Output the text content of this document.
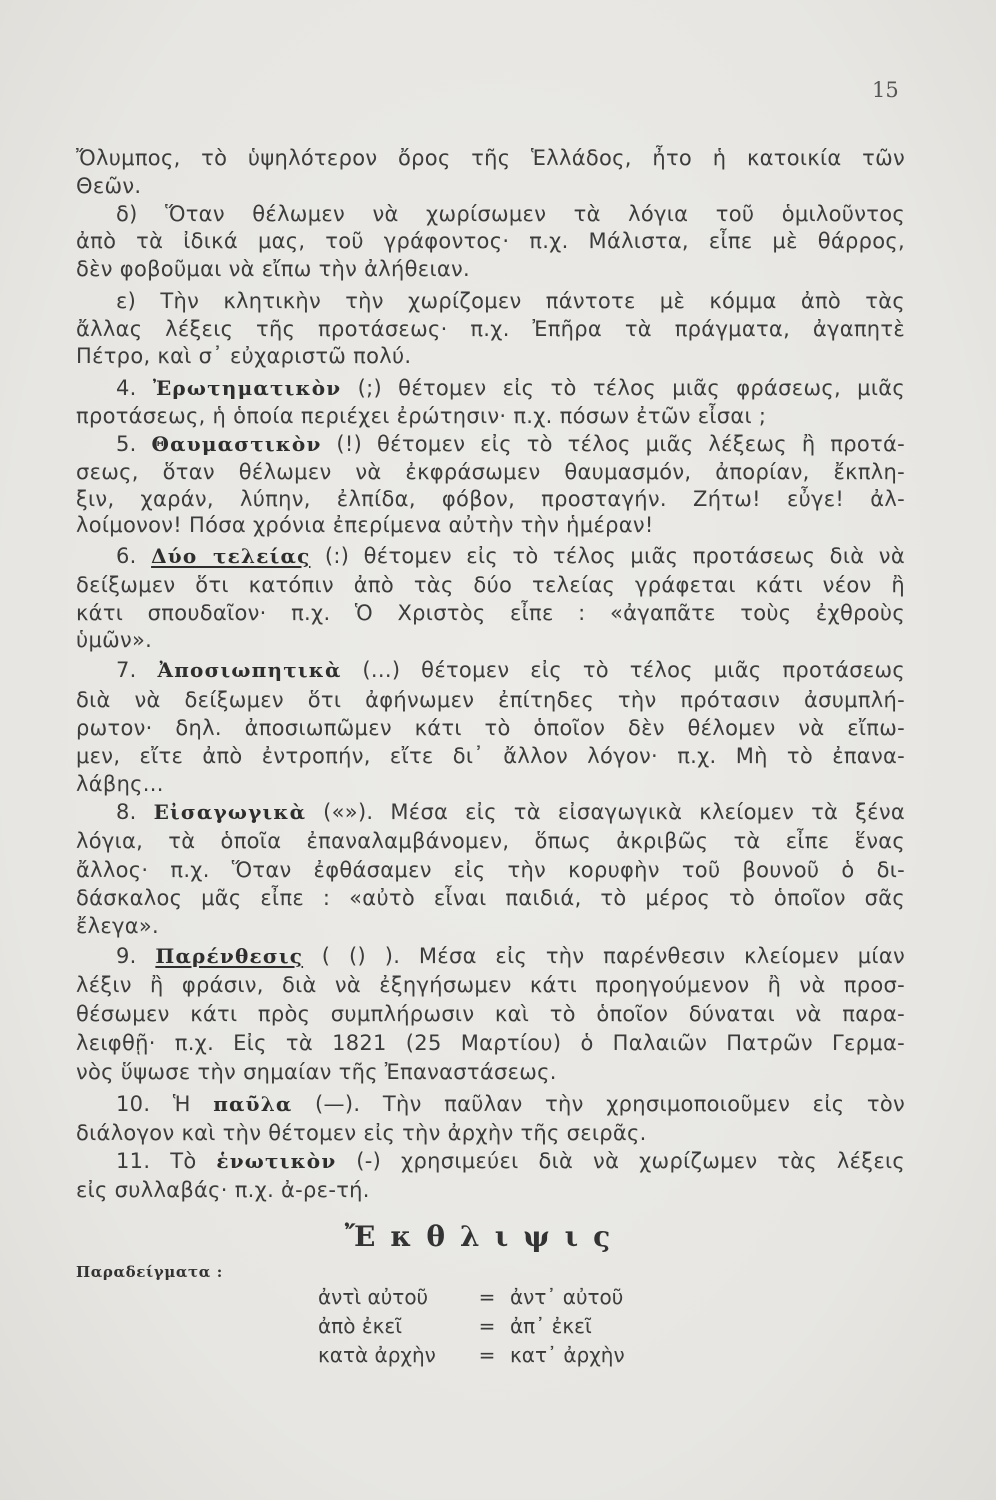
15
Ὄλυμπος, τὸ ὑψηλότερον ὄρος τῆς Ἑλλάδος, ἦτο ἡ κατοικία τῶν
Θεῶν.
δ) Ὅταν θέλωμεν νὰ χωρίσωμεν τὰ λόγια τοῦ ὁμιλοῦντος
ἀπὸ τὰ ἰδικά μας, τοῦ γράφοντος· π.χ. Μάλιστα, εἶπε μὲ θάρρος,
δὲν φοβοῦμαι νὰ εἴπω τὴν ἀλήθειαν.
ε) Τὴν κλητικὴν τὴν χωρίζομεν πάντοτε μὲ κόμμα ἀπὸ τὰς
ἄλλας λέξεις τῆς προτάσεως· π.χ. Ἐπῆρα τὰ πράγματα, ἀγαπητὲ
Πέτρο, καὶ σ᾽ εὐχαριστῶ πολύ.
4. Ἐρωτηματικὸν (;) θέτομεν εἰς τὸ τέλος μιᾶς φράσεως, μιᾶς
προτάσεως, ἡ ὁποία περιέχει ἐρώτησιν· π.χ. πόσων ἐτῶν εἶσαι ;
5. Θαυμαστικὸν (!) θέτομεν εἰς τὸ τέλος μιᾶς λέξεως ἢ προτά-
σεως, ὅταν θέλωμεν νὰ ἐκφράσωμεν θαυμασμόν, ἀπορίαν, ἔκπλη-
ξιν, χαράν, λύπην, ἐλπίδα, φόβον, προσταγήν. Ζήτω! εὖγε! ἀλ-
λοίμονον! Πόσα χρόνια ἐπερίμενα αὐτὴν τὴν ἡμέραν!
6. Δύο τελείας (:) θέτομεν εἰς τὸ τέλος μιᾶς προτάσεως διὰ νὰ
δείξωμεν ὅτι κατόπιν ἀπὸ τὰς δύο τελείας γράφεται κάτι νέον ἢ
κάτι σπουδαῖον· π.χ. Ὁ Χριστὸς εἶπε : «ἀγαπᾶτε τοὺς ἐχθροὺς
ὑμῶν».
7. Ἀποσιωπητικὰ (...) θέτομεν εἰς τὸ τέλος μιᾶς προτάσεως
διὰ νὰ δείξωμεν ὅτι ἀφήνωμεν ἐπίτηδες τὴν πρότασιν ἀσυμπλή-
ρωτον· δηλ. ἀποσιωπῶμεν κάτι τὸ ὁποῖον δὲν θέλομεν νὰ εἴπω-
μεν, εἴτε ἀπὸ ἐντροπήν, εἴτε δι᾽ ἄλλον λόγον· π.χ. Μὴ τὸ ἐπανα-
λάβης...
8. Εἰσαγωγικὰ («»). Μέσα εἰς τὰ εἰσαγωγικὰ κλείομεν τὰ ξένα
λόγια, τὰ ὁποῖα ἐπαναλαμβάνομεν, ὅπως ἀκριβῶς τὰ εἶπε ἕνας
ἄλλος· π.χ. Ὅταν ἐφθάσαμεν εἰς τὴν κορυφὴν τοῦ βουνοῦ ὁ δι-
δάσκαλος μᾶς εἶπε : «αὐτὸ εἶναι παιδιά, τὸ μέρος τὸ ὁποῖον σᾶς
ἔλεγα».
9. Παρένθεσις ( () ). Μέσα εἰς τὴν παρένθεσιν κλείομεν μίαν
λέξιν ἢ φράσιν, διὰ νὰ ἐξηγήσωμεν κάτι προηγούμενον ἢ νὰ προσ-
θέσωμεν κάτι πρὸς συμπλήρωσιν καὶ τὸ ὁποῖον δύναται νὰ παρα-
λειφθῇ· π.χ. Εἰς τὰ 1821 (25 Μαρτίου) ὁ Παλαιῶν Πατρῶν Γερμα-
νὸς ὕψωσε τὴν σημαίαν τῆς Ἐπαναστάσεως.
10. Ἡ παῦλα (—). Τὴν παῦλαν τὴν χρησιμοποιοῦμεν εἰς τὸν
διάλογον καὶ τὴν θέτομεν εἰς τὴν ἀρχὴν τῆς σειρᾶς.
11. Τὸ ἑνωτικὸν (-) χρησιμεύει διὰ νὰ χωρίζωμεν τὰς λέξεις
εἰς συλλαβάς· π.χ. ἀ-ρε-τή.
Ἔκθλιψις
Παραδείγματα :
ἀντὶ αὐτοῦ	= ἀντ᾽ αὐτοῦ
ἀπὸ ἐκεῖ	= ἀπ᾽ ἐκεῖ
κατὰ ἀρχὴν	= κατ᾽ ἀρχὴν
